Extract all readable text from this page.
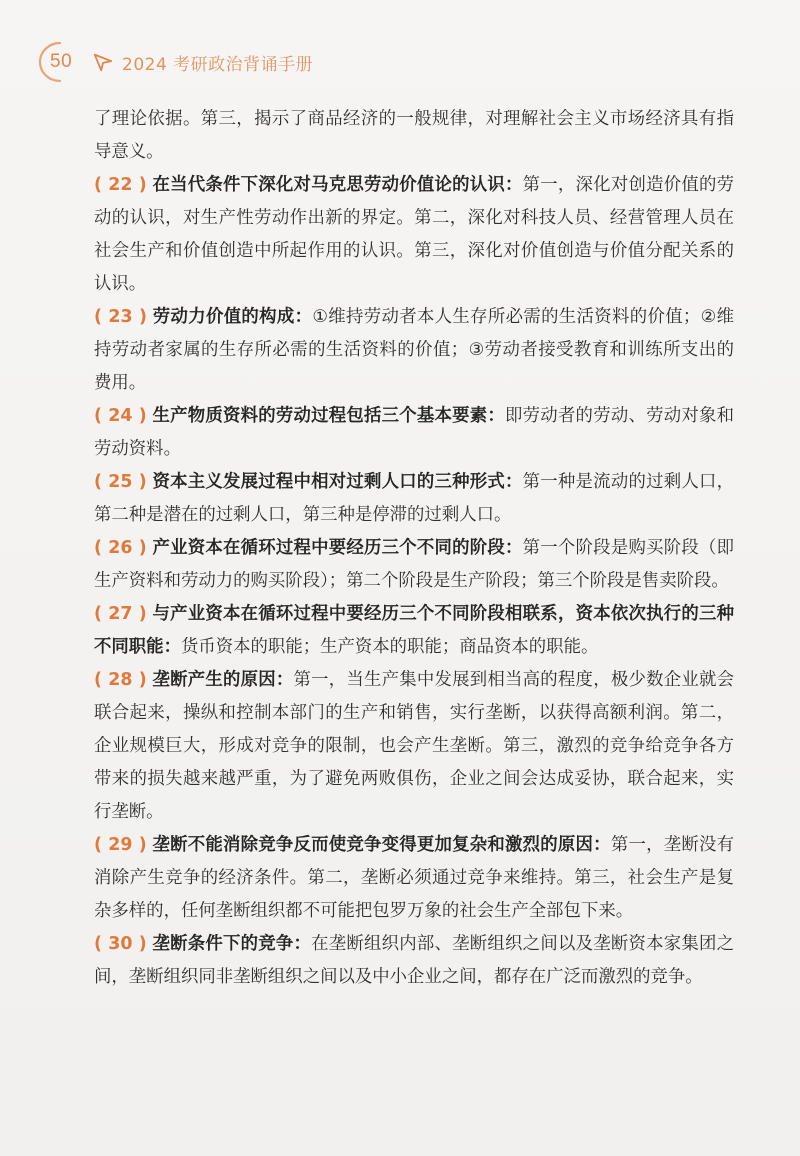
50	2024 考研政治背诵手册

了理论依据。第三，揭示了商品经济的一般规律，对理解社会主义市场经济具有指导意义。

( 22 ) 在当代条件下深化对马克思劳动价值论的认识：第一，深化对创造价值的劳动的认识，对生产性劳动作出新的界定。第二，深化对科技人员、经营管理人员在社会生产和价值创造中所起作用的认识。第三，深化对价值创造与价值分配关系的认识。

( 23 ) 劳动力价值的构成：①维持劳动者本人生存所必需的生活资料的价值；②维持劳动者家属的生存所必需的生活资料的价值；③劳动者接受教育和训练所支出的费用。

( 24 ) 生产物质资料的劳动过程包括三个基本要素：即劳动者的劳动、劳动对象和劳动资料。

( 25 ) 资本主义发展过程中相对过剩人口的三种形式：第一种是流动的过剩人口，第二种是潜在的过剩人口，第三种是停滞的过剩人口。

( 26 ) 产业资本在循环过程中要经历三个不同的阶段：第一个阶段是购买阶段（即生产资料和劳动力的购买阶段）；第二个阶段是生产阶段；第三个阶段是售卖阶段。

( 27 ) 与产业资本在循环过程中要经历三个不同阶段相联系，资本依次执行的三种不同职能：货币资本的职能；生产资本的职能；商品资本的职能。

( 28 ) 垄断产生的原因：第一，当生产集中发展到相当高的程度，极少数企业就会联合起来，操纵和控制本部门的生产和销售，实行垄断，以获得高额利润。第二，企业规模巨大，形成对竞争的限制，也会产生垄断。第三，激烈的竞争给竞争各方带来的损失越来越严重，为了避免两败俱伤，企业之间会达成妥协，联合起来，实行垄断。

( 29 ) 垄断不能消除竞争反而使竞争变得更加复杂和激烈的原因：第一，垄断没有消除产生竞争的经济条件。第二，垄断必须通过竞争来维持。第三，社会生产是复杂多样的，任何垄断组织都不可能把包罗万象的社会生产全部包下来。

( 30 ) 垄断条件下的竞争：在垄断组织内部、垄断组织之间以及垄断资本家集团之间，垄断组织同非垄断组织之间以及中小企业之间，都存在广泛而激烈的竞争。
